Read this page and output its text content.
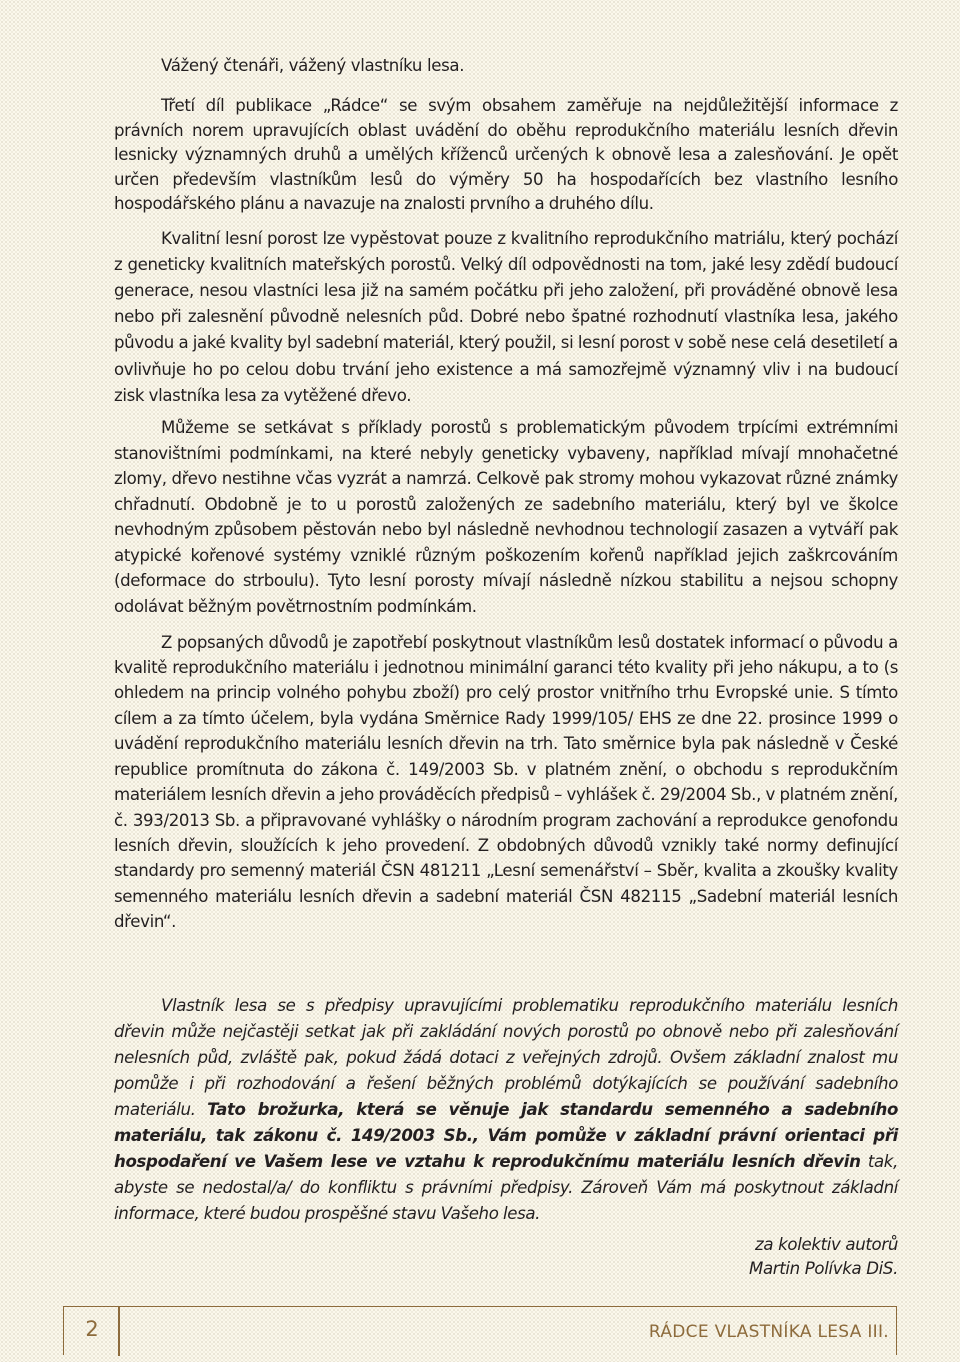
Vážený čtenáři, vážený vlastníku lesa.

Třetí díl publikace „Rádce“ se svým obsahem zaměřuje na nejdůležitější informace z právních norem upravujících oblast uvádění do oběhu reprodukčního materiálu lesních dřevin lesnicky významných druhů a umělých kříženců určených k obnově lesa a zalesňování. Je opět určen především vlastníkům lesů do výměry 50 ha hospodařících bez vlastního lesního hospodářského plánu a navazuje na znalosti prvního a druhého dílu.

Kvalitní lesní porost lze vypěstovat pouze z kvalitního reprodukčního matriálu, který pochází z geneticky kvalitních mateřských porostů. Velký díl odpovědnosti na tom, jaké lesy zdědí budoucí generace, nesou vlastníci lesa již na samém počátku při jeho založení, při prováděné obnově lesa nebo při zalesnění původně nelesních půd. Dobré nebo špatné rozhodnutí vlastníka lesa, jakého původu a jaké kvality byl sadební materiál, který použil, si lesní porost v sobě nese celá desetiletí a ovlivňuje ho po celou dobu trvání jeho existence a má samozřejmě významný vliv i na budoucí zisk vlastníka lesa za vytěžené dřevo.

Můžeme se setkávat s příklady porostů s problematickým původem trpícími extrémními stanovištními podmínkami, na které nebyly geneticky vybaveny, například mívají mnohačetné zlomy, dřevo nestihne včas vyzrát a namrzá. Celkově pak stromy mohou vykazovat různé známky chřadnutí. Obdobně je to u porostů založených ze sadebního materiálu, který byl ve školce nevhodným způsobem pěstován nebo byl následně nevhodnou technologií zasazen a vytváří pak atypické kořenové systémy vzniklé různým poškozením kořenů například jejich zaškrcováním (deformace do strboulu). Tyto lesní porosty mívají následně nízkou stabilitu a nejsou schopny odolávat běžným povětrnostním podmínkám.

Z popsaných důvodů je zapotřebí poskytnout vlastníkům lesů dostatek informací o původu a kvalitě reprodukčního materiálu i jednotnou minimální garanci této kvality při jeho nákupu, a to (s ohledem na princip volného pohybu zboží) pro celý prostor vnitřního trhu Evropské unie. S tímto cílem a za tímto účelem, byla vydána Směrnice Rady 1999/105/ EHS ze dne 22. prosince 1999 o uvádění reprodukčního materiálu lesních dřevin na trh. Tato směrnice byla pak následně v České republice promítnuta do zákona č. 149/2003 Sb. v platném znění, o obchodu s reprodukčním materiálem lesních dřevin a jeho prováděcích předpisů – vyhlášek č. 29/2004 Sb., v platném znění, č. 393/2013 Sb. a připravované vyhlášky o národním program zachování a reprodukce genofondu lesních dřevin, sloužících k jeho provedení. Z obdobných důvodů vznikly také normy definující standardy pro semenný materiál ČSN 481211 „Lesní semenářství – Sběr, kvalita a zkoušky kvality semenného materiálu lesních dřevin a sadební materiál ČSN 482115 „Sadební materiál lesních dřevin“.

Vlastník lesa se s předpisy upravujícími problematiku reprodukčního materiálu lesních dřevin může nejčastěji setkat jak při zakládání nových porostů po obnově nebo při zalesňování nelesních půd, zvláště pak, pokud žádá dotaci z veřejných zdrojů. Ovšem základní znalost mu pomůže i při rozhodování a řešení běžných problémů dotýkajících se používání sadebního materiálu. Tato brožurka, která se věnuje jak standardu semenného a sadebního materiálu, tak zákonu č. 149/2003 Sb., Vám pomůže v základní právní orientaci při hospodaření ve Vašem lese ve vztahu k reprodukčnímu materiálu lesních dřevin tak, abyste se nedostal/a/ do konfliktu s právními předpisy. Zároveň Vám má poskytnout základní informace, které budou prospěšné stavu Vašeho lesa.

za kolektiv autorů
Martin Polívka DiS.
2	RÁDCE VLASTNÍKA LESA III.
